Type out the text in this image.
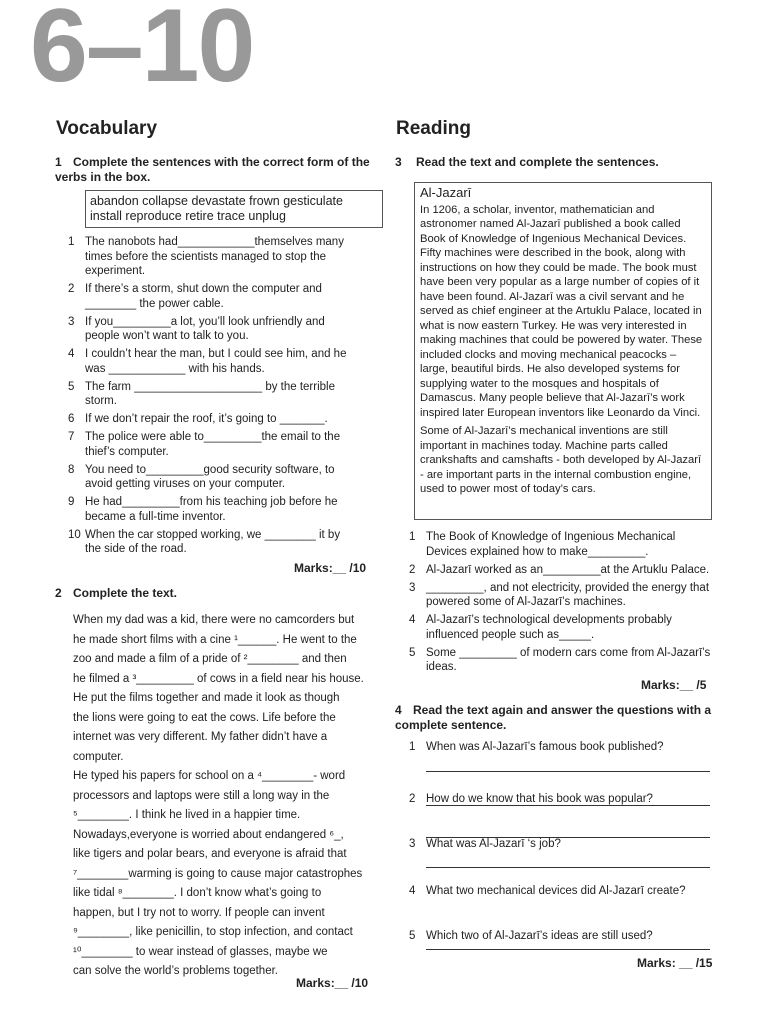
6–10
Vocabulary
1 Complete the sentences with the correct form of the verbs in the box.
abandon collapse devastate frown gesticulate
install reproduce retire trace unplug
1 The nanobots had____________themselves many times before the scientists managed to stop the experiment.
2 If there’s a storm, shut down the computer and ________ the power cable.
3 If you_________a lot, you’ll look unfriendly and people won’t want to talk to you.
4 I couldn’t hear the man, but I could see him, and he was ____________ with his hands.
5 The farm ____________________ by the terrible storm.
6 If we don’t repair the roof, it’s going to _______.
7 The police were able to_________the email to the thief’s computer.
8 You need to_________good security software, to avoid getting viruses on your computer.
9 He had_________from his teaching job before he became a full-time inventor.
10 When the car stopped working, we ________ it by the side of the road.
Marks:__ /10
2 Complete the text.

When my dad was a kid, there were no camcorders but

he made short films with a cine ¹______. He went to the

zoo and made a film of a pride of ²________ and then

he filmed a ³_________ of cows in a field near his house.

He put the films together and made it look as though

the lions were going to eat the cows. Life before the

internet was very different. My father didn’t have a

computer.

He typed his papers for school on a ⁴________- word

processors and laptops were still a long way in the

⁵________. I think he lived in a happier time.

Nowadays,everyone is worried about endangered ⁶_,

like tigers and polar bears, and everyone is afraid that

⁷________warming is going to cause major catastrophes

like tidal ⁸________. I don’t know what’s going to

happen, but I try not to worry. If people can invent

⁹________, like penicillin, to stop infection, and contact

¹⁰________ to wear instead of glasses, maybe we

can solve the world’s problems together.

Marks:__ /10
Reading
3 Read the text and complete the sentences.
Al-Jazarī

In 1206, a scholar, inventor, mathematician and astronomer named Al-Jazarī published a book called Book of Knowledge of Ingenious Mechanical Devices. Fifty machines were described in the book, along with instructions on how they could be made. The book must have been very popular as a large number of copies of it have been found. Al-Jazarī was a civil servant and he served as chief engineer at the Artuklu Palace, located in what is now eastern Turkey. He was very interested in making machines that could be powered by water. These included clocks and moving mechanical peacocks – large, beautiful birds. He also developed systems for supplying water to the mosques and hospitals of Damascus. Many people believe that Al-Jazarī’s work inspired later European inventors like Leonardo da Vinci.

Some of Al-Jazarī’s mechanical inventions are still important in machines today. Machine parts called crankshafts and camshafts - both developed by Al-Jazarī - are important parts in the internal combustion engine, used to power most of today’s cars.

1 The Book of Knowledge of Ingenious Mechanical Devices explained how to make_________.
2 Al-Jazarī worked as an_________at the Artuklu Palace.
3 _________, and not electricity, provided the energy that powered some of Al-Jazarī’s machines.
4 Al-Jazarī’s technological developments probably influenced people such as_____.
5 Some _________ of modern cars come from Al-Jazarī’s ideas.
Marks:__ /5
4 Read the text again and answer the questions with a complete sentence.
1 When was Al-Jazarī’s famous book published?
2 How do we know that his book was popular?
3 What was Al-Jazarī ‘s job?
4 What two mechanical devices did Al-Jazarī create?
5 Which two of Al-Jazarī’s ideas are still used?
Marks: __ /15
